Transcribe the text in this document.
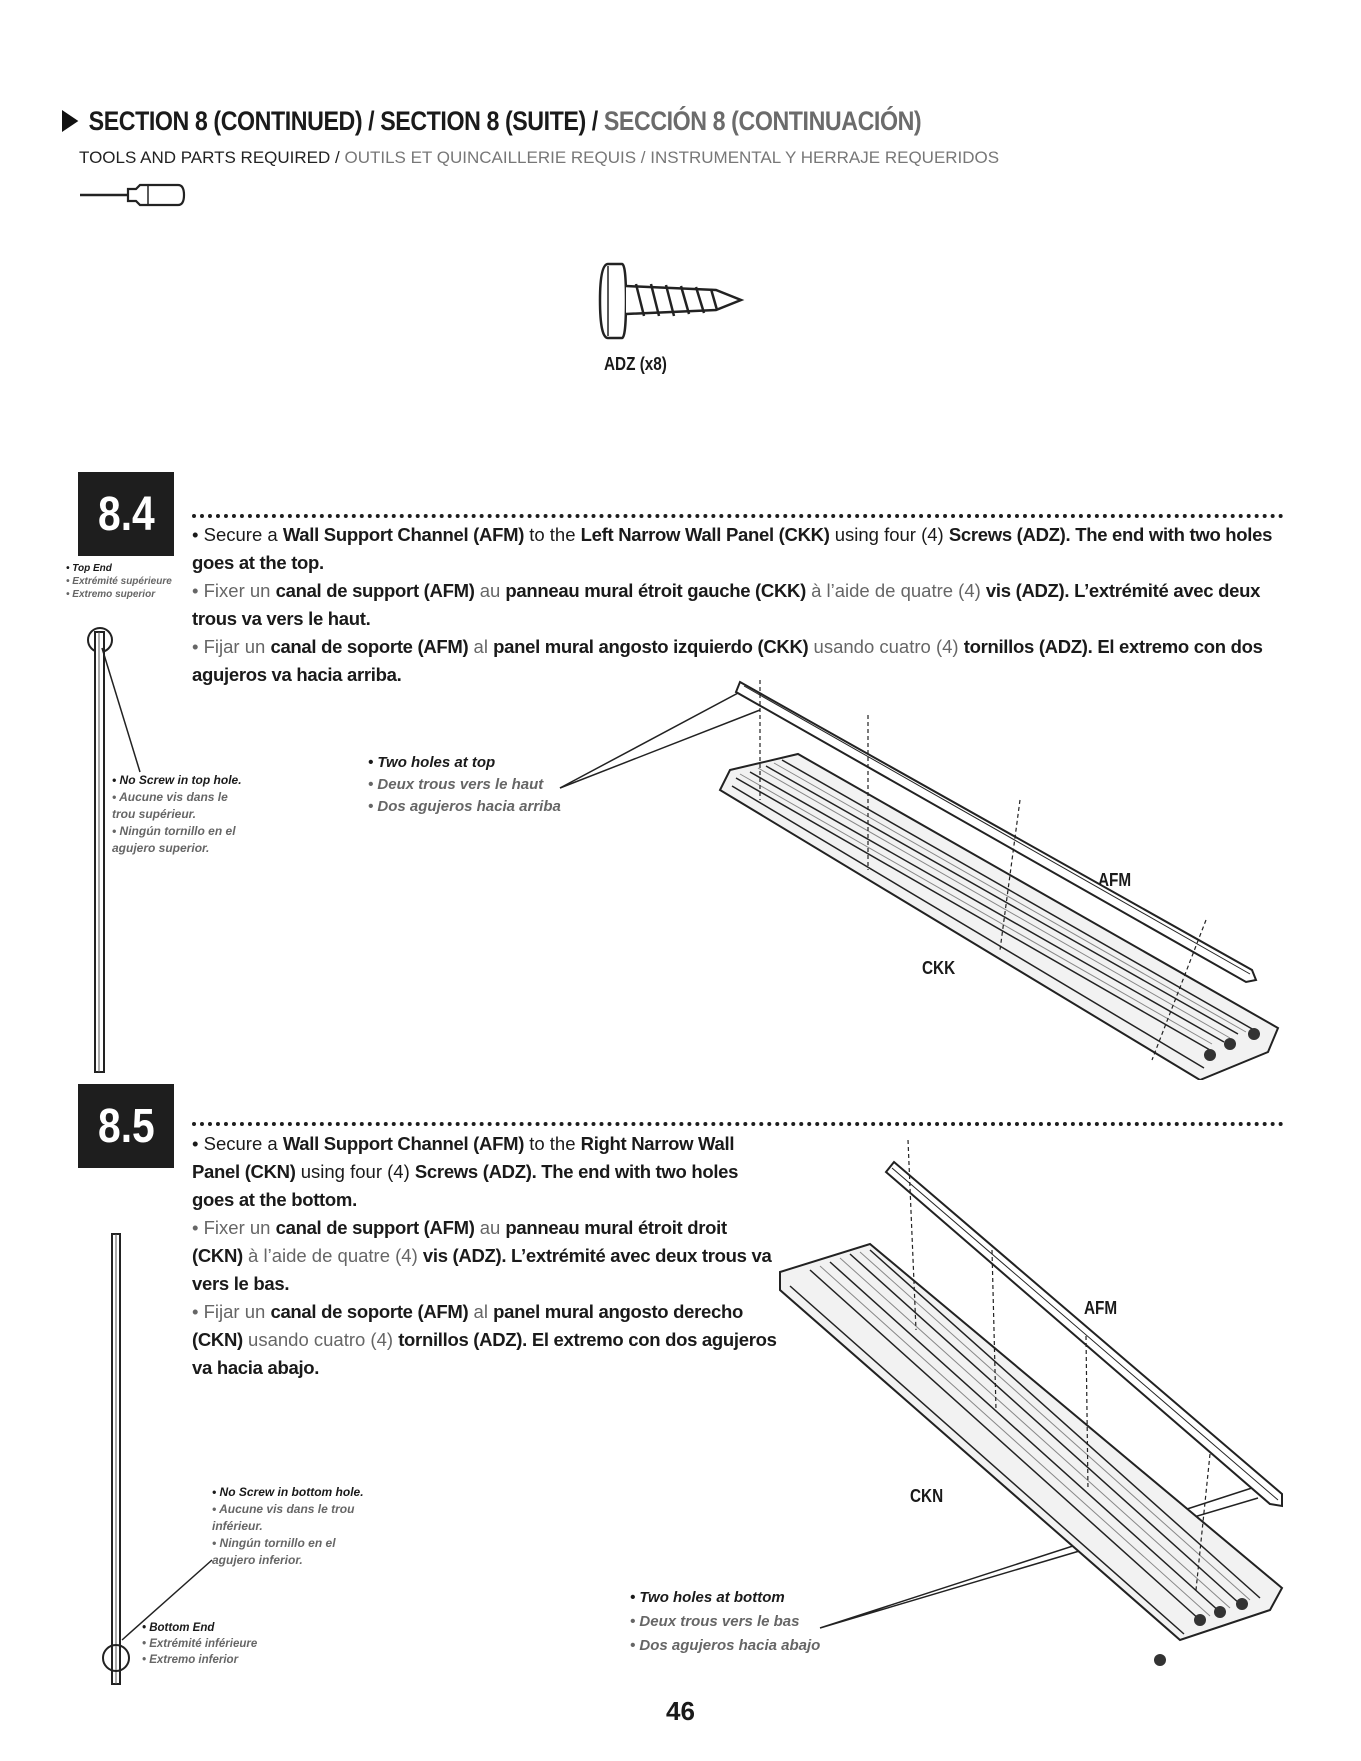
SECTION 8 (CONTINUED) / SECTION 8 (SUITE) / SECCIÓN 8 (CONTINUACIÓN)
TOOLS AND PARTS REQUIRED / OUTILS ET QUINCAILLERIE REQUIS / INSTRUMENTAL Y HERRAJE REQUERIDOS
ADZ (x8)
8.4 • Secure a Wall Support Channel (AFM) to the Left Narrow Wall Panel (CKK) using four (4) Screws (ADZ). The end with two holes goes at the top.

• Fixer un canal de support (AFM) au panneau mural étroit gauche (CKK) à l’aide de quatre (4) vis (ADZ). L’extrémité avec deux trous va vers le haut.

• Fijar un canal de soporte (AFM) al panel mural angosto izquierdo (CKK) usando cuatro (4) tornillos (ADZ). El extremo con dos agujeros va hacia arriba.

• Top End
• Extrémité supérieure
• Extremo superior
• No Screw in top hole.
• Aucune vis dans le trou supérieur.
• Ningún tornillo en el agujero superior.
• Two holes at top
• Deux trous vers le haut
• Dos agujeros hacia arriba
AFM
CKK
8.5 • Secure a Wall Support Channel (AFM) to the Right Narrow Wall Panel (CKN) using four (4) Screws (ADZ). The end with two holes goes at the bottom.

• Fixer un canal de support (AFM) au panneau mural étroit droit (CKN) à l’aide de quatre (4) vis (ADZ). L’extrémité avec deux trous va vers le bas.

• Fijar un canal de soporte (AFM) al panel mural angosto derecho (CKN) usando cuatro (4) tornillos (ADZ). El extremo con dos agujeros va hacia abajo.

• No Screw in bottom hole.
• Aucune vis dans le trou inférieur.
• Ningún tornillo en el agujero inferior.
• Bottom End
• Extrémité inférieure
• Extremo inferior
• Two holes at bottom
• Deux trous vers le bas
• Dos agujeros hacia abajo
AFM
CKN
46
